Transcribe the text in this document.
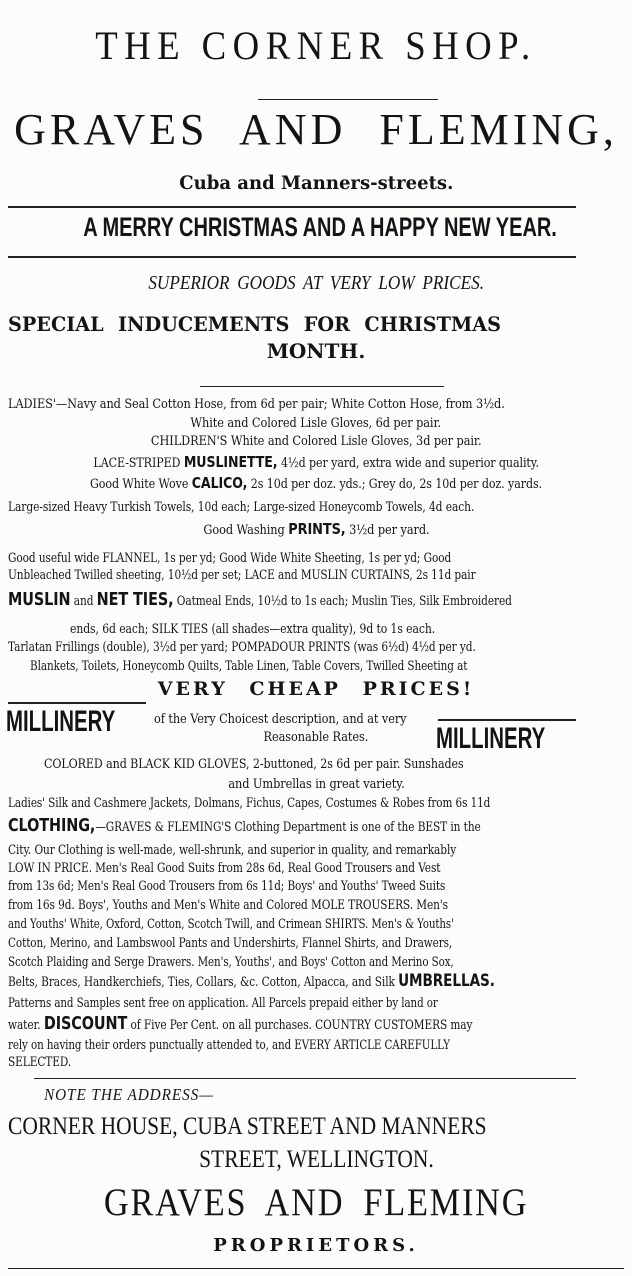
THE CORNER SHOP.
GRAVES AND FLEMING,
Cuba and Manners-streets.
A MERRY CHRISTMAS AND A HAPPY NEW YEAR.
SUPERIOR GOODS AT VERY LOW PRICES.
SPECIAL INDUCEMENTS FOR CHRISTMAS
MONTH.
LADIES'—Navy and Seal Cotton Hose, from 6d per pair; White Cotton Hose, from 3½d.
White and Colored Lisle Gloves, 6d per pair.
CHILDREN'S White and Colored Lisle Gloves, 3d per pair.
LACE-STRIPED MUSLINETTE, 4½d per yard, extra wide and superior quality.
Good White Wove CALICO, 2s 10d per doz. yds.; Grey do, 2s 10d per doz. yards.
Large-sized Heavy Turkish Towels, 10d each; Large-sized Honeycomb Towels, 4d each.
Good Washing PRINTS, 3½d per yard.
Good useful wide FLANNEL, 1s per yd; Good Wide White Sheeting, 1s per yd; Good
Unbleached Twilled sheeting, 10½d per set; LACE and MUSLIN CURTAINS, 2s 11d pair
MUSLIN and NET TIES, Oatmeal Ends, 10½d to 1s each; Muslin Ties, Silk Embroidered
ends, 6d each; SILK TIES (all shades—extra quality), 9d to 1s each.
Tarlatan Frillings (double), 3½d per yard; POMPADOUR PRINTS (was 6½d) 4½d per yd.
Blankets, Toilets, Honeycomb Quilts, Table Linen, Table Covers, Twilled Sheeting at
VERY CHEAP PRICES!
MILLINERY	of the Very Choicest description, and at very
Reasonable Rates.	MILLINERY
COLORED and BLACK KID GLOVES, 2-buttoned, 2s 6d per pair. Sunshades
and Umbrellas in great variety.
Ladies' Silk and Cashmere Jackets, Dolmans, Fichus, Capes, Costumes & Robes from 6s 11d
CLOTHING,—GRAVES & FLEMING'S Clothing Department is one of the BEST in the
City. Our Clothing is well-made, well-shrunk, and superior in quality, and remarkably
LOW IN PRICE. Men's Real Good Suits from 28s 6d, Real Good Trousers and Vest
from 13s 6d; Men's Real Good Trousers from 6s 11d; Boys' and Youths' Tweed Suits
from 16s 9d. Boys', Youths and Men's White and Colored MOLE TROUSERS. Men's
and Youths' White, Oxford, Cotton, Scotch Twill, and Crimean SHIRTS. Men's & Youths'
Cotton, Merino, and Lambswool Pants and Undershirts, Flannel Shirts, and Drawers,
Scotch Plaiding and Serge Drawers. Men's, Youths', and Boys' Cotton and Merino Sox,
Belts, Braces, Handkerchiefs, Ties, Collars, &c. Cotton, Alpacca, and Silk UMBRELLAS.
Patterns and Samples sent free on application. All Parcels prepaid either by land or
water. DISCOUNT of Five Per Cent. on all purchases. COUNTRY CUSTOMERS may
rely on having their orders punctually attended to, and EVERY ARTICLE CAREFULLY
SELECTED.
NOTE THE ADDRESS—
CORNER HOUSE, CUBA STREET AND MANNERS
STREET, WELLINGTON.
GRAVES AND FLEMING
PROPRIETORS.
